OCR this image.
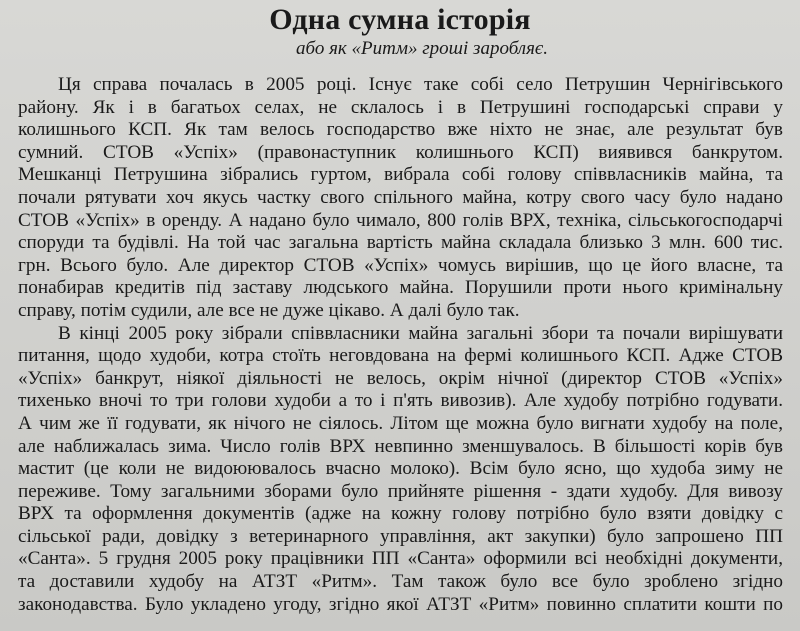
Одна сумна історія
або як «Ритм» гроші заробляє.
Ця справа почалась в 2005 році. Існує таке собі село Петрушин Чернігівського
району. Як і в багатьох селах, не склалось і в Петрушині господарські справи у
колишнього КСП. Як там велось господарство вже ніхто не знає, але результат був
сумний. СТОВ «Успіх» (правонаступник колишнього КСП) виявився банкрутом.
Мешканці Петрушина зібрались гуртом, вибрала собі голову співвласників майна, та
почали рятувати хоч якусь частку свого спільного майна, котру свого часу було надано
СТОВ «Успіх» в оренду. А надано було чимало, 800 голів ВРХ, техніка, сільськогосподарчі
споруди та будівлі. На той час загальна вартість майна складала близько 3 млн. 600 тис.
грн. Всього було. Але директор СТОВ «Успіх» чомусь вирішив, що це його власне, та
понабирав кредитів під заставу людського майна. Порушили проти нього кримінальну
справу, потім судили, але все не дуже цікаво. А далі було так.
В кінці 2005 року зібрали співвласники майна загальні збори та почали вирішувати
питання, щодо худоби, котра стоїть неговдована на фермі колишнього КСП. Адже СТОВ
«Успіх» банкрут, ніякої діяльності не велось, окрім нічної (директор СТОВ «Успіх»
тихенько вночі то три голови худоби а то і п'ять вивозив). Але худобу потрібно годувати.
А чим же її годувати, як нічого не сіялось. Літом ще можна було вигнати худобу на поле,
але наближалась зима. Число голів ВРХ невпинно зменшувалось. В більшості корів був
мастит (це коли не видоюювалось вчасно молоко). Всім було ясно, що худоба зиму не
переживе. Тому загальними зборами було прийняте рішення - здати худобу. Для вивозу
ВРХ та оформлення документів (адже на кожну голову потрібно було взяти довідку с
сільської ради, довідку з ветеринарного управління, акт закупки) було запрошено ПП
«Санта». 5 грудня 2005 року працівники ПП «Санта» оформили всі необхідні документи,
та доставили худобу на АТЗТ «Ритм». Там також було все було зроблено згідно
законодавства. Було укладено угоду, згідно якої АТЗТ «Ритм» повинно сплатити кошти по
